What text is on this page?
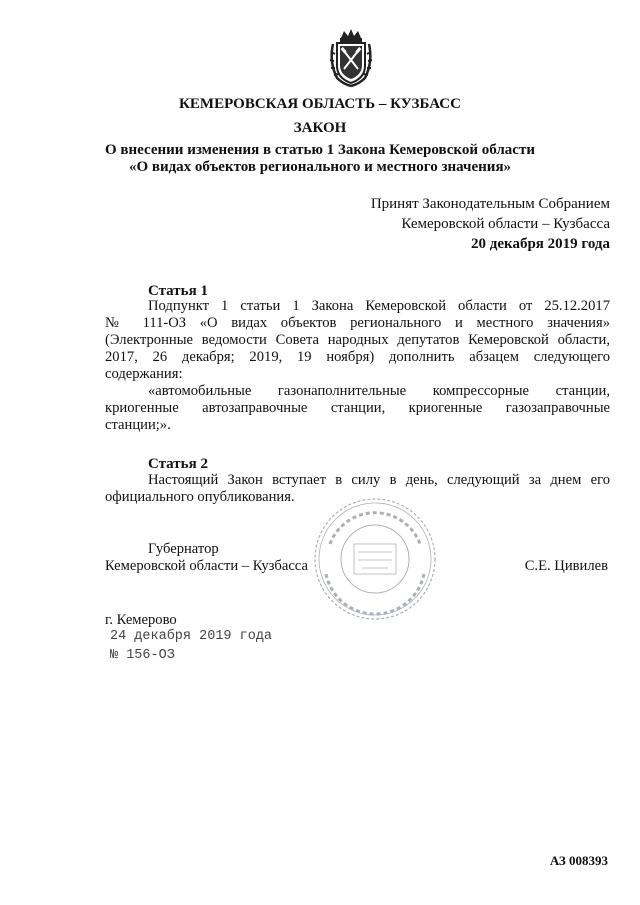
КЕМЕРОВСКАЯ ОБЛАСТЬ – КУЗБАСС
ЗАКОН
О внесении изменения в статью 1 Закона Кемеровской области
«О видах объектов регионального и местного значения»
Принят Законодательным Собранием
Кемеровской области – Кузбасса
20 декабря 2019 года
Статья 1
Подпункт 1 статьи 1 Закона Кемеровской области от 25.12.2017
№ 111-ОЗ «О видах объектов регионального и местного значения»
(Электронные ведомости Совета народных депутатов Кемеровской области,
2017, 26 декабря; 2019, 19 ноября) дополнить абзацем следующего
содержания:
«автомобильные газонаполнительные компрессорные станции,
криогенные автозаправочные станции, криогенные газозаправочные
станции;».
Статья 2
Настоящий Закон вступает в силу в день, следующий за днем его
официального опубликования.
Губернатор
Кемеровской области – Кузбасса	С.Е. Цивилев
г. Кемерово
24 декабря 2019 года
№ 156-ОЗ
АЗ 008393
